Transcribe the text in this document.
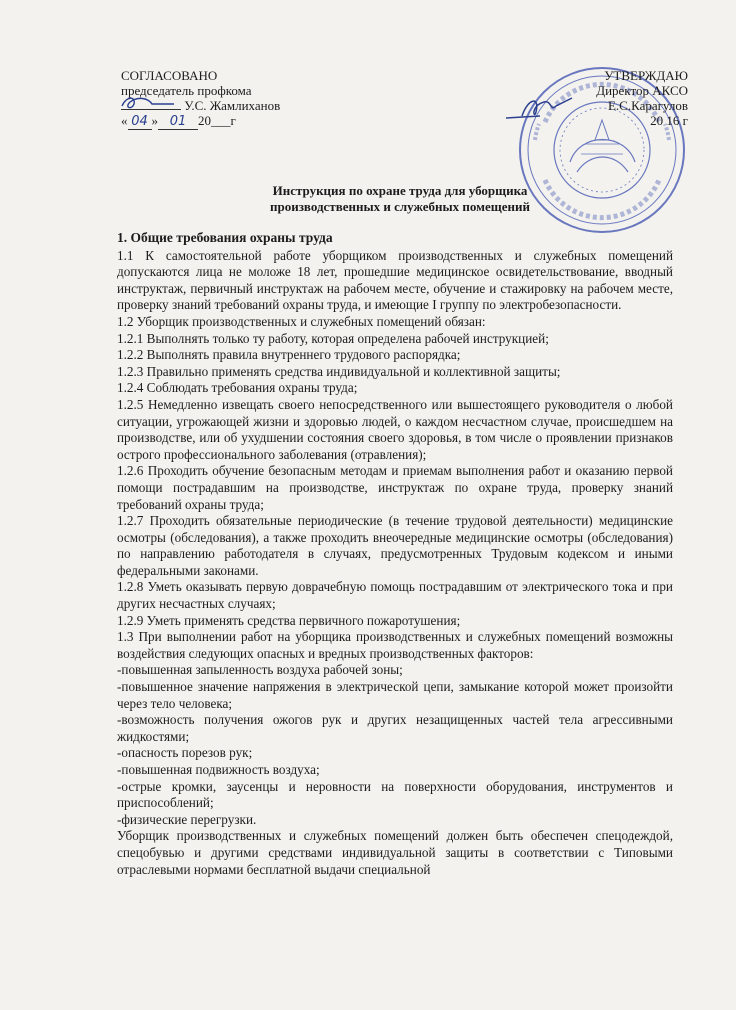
СОГЛАСОВАНО
председатель профкома
У.С. Жамлиханов
« 04 » 01 20___г
УТВЕРЖДАЮ
Директор АКСО
Е.С.Карагулов
20 16 г
Инструкция по охране труда для уборщика
производственных и служебных помещений
1. Общие требования охраны труда

1.1 К самостоятельной работе уборщиком производственных и служебных помещений допускаются лица не моложе 18 лет, прошедшие медицинское освидетельствование, вводный инструктаж, первичный инструктаж на рабочем месте, обучение и стажировку на рабочем месте, проверку знаний требований охраны труда, и имеющие I группу по электробезопасности.

1.2 Уборщик производственных и служебных помещений обязан:

1.2.1 Выполнять только ту работу, которая определена рабочей инструкцией;

1.2.2 Выполнять правила внутреннего трудового распорядка;

1.2.3 Правильно применять средства индивидуальной и коллективной защиты;

1.2.4 Соблюдать требования охраны труда;

1.2.5 Немедленно извещать своего непосредственного или вышестоящего руководителя о любой ситуации, угрожающей жизни и здоровью людей, о каждом несчастном случае, происшедшем на производстве, или об ухудшении состояния своего здоровья, в том числе о проявлении признаков острого профессионального заболевания (отравления);

1.2.6 Проходить обучение безопасным методам и приемам выполнения работ и оказанию первой помощи пострадавшим на производстве, инструктаж по охране труда, проверку знаний требований охраны труда;

1.2.7 Проходить обязательные периодические (в течение трудовой деятельности) медицинские осмотры (обследования), а также проходить внеочередные медицинские осмотры (обследования) по направлению работодателя в случаях, предусмотренных Трудовым кодексом и иными федеральными законами.

1.2.8 Уметь оказывать первую доврачебную помощь пострадавшим от электрического тока и при других несчастных случаях;

1.2.9 Уметь применять средства первичного пожаротушения;

1.3 При выполнении работ на уборщика производственных и служебных помещений возможны воздействия следующих опасных и вредных производственных факторов:

-повышенная запыленность воздуха рабочей зоны;

-повышенное значение напряжения в электрической цепи, замыкание которой может произойти через тело человека;

-возможность получения ожогов рук и других незащищенных частей тела агрессивными жидкостями;

-опасность порезов рук;

-повышенная подвижность воздуха;

-острые кромки, заусенцы и неровности на поверхности оборудования, инструментов и приспособлений;

-физические перегрузки.

Уборщик производственных и служебных помещений должен быть обеспечен спецодеждой, спецобувью и другими средствами индивидуальной защиты в соответствии с Типовыми отраслевыми нормами бесплатной выдачи специальной
